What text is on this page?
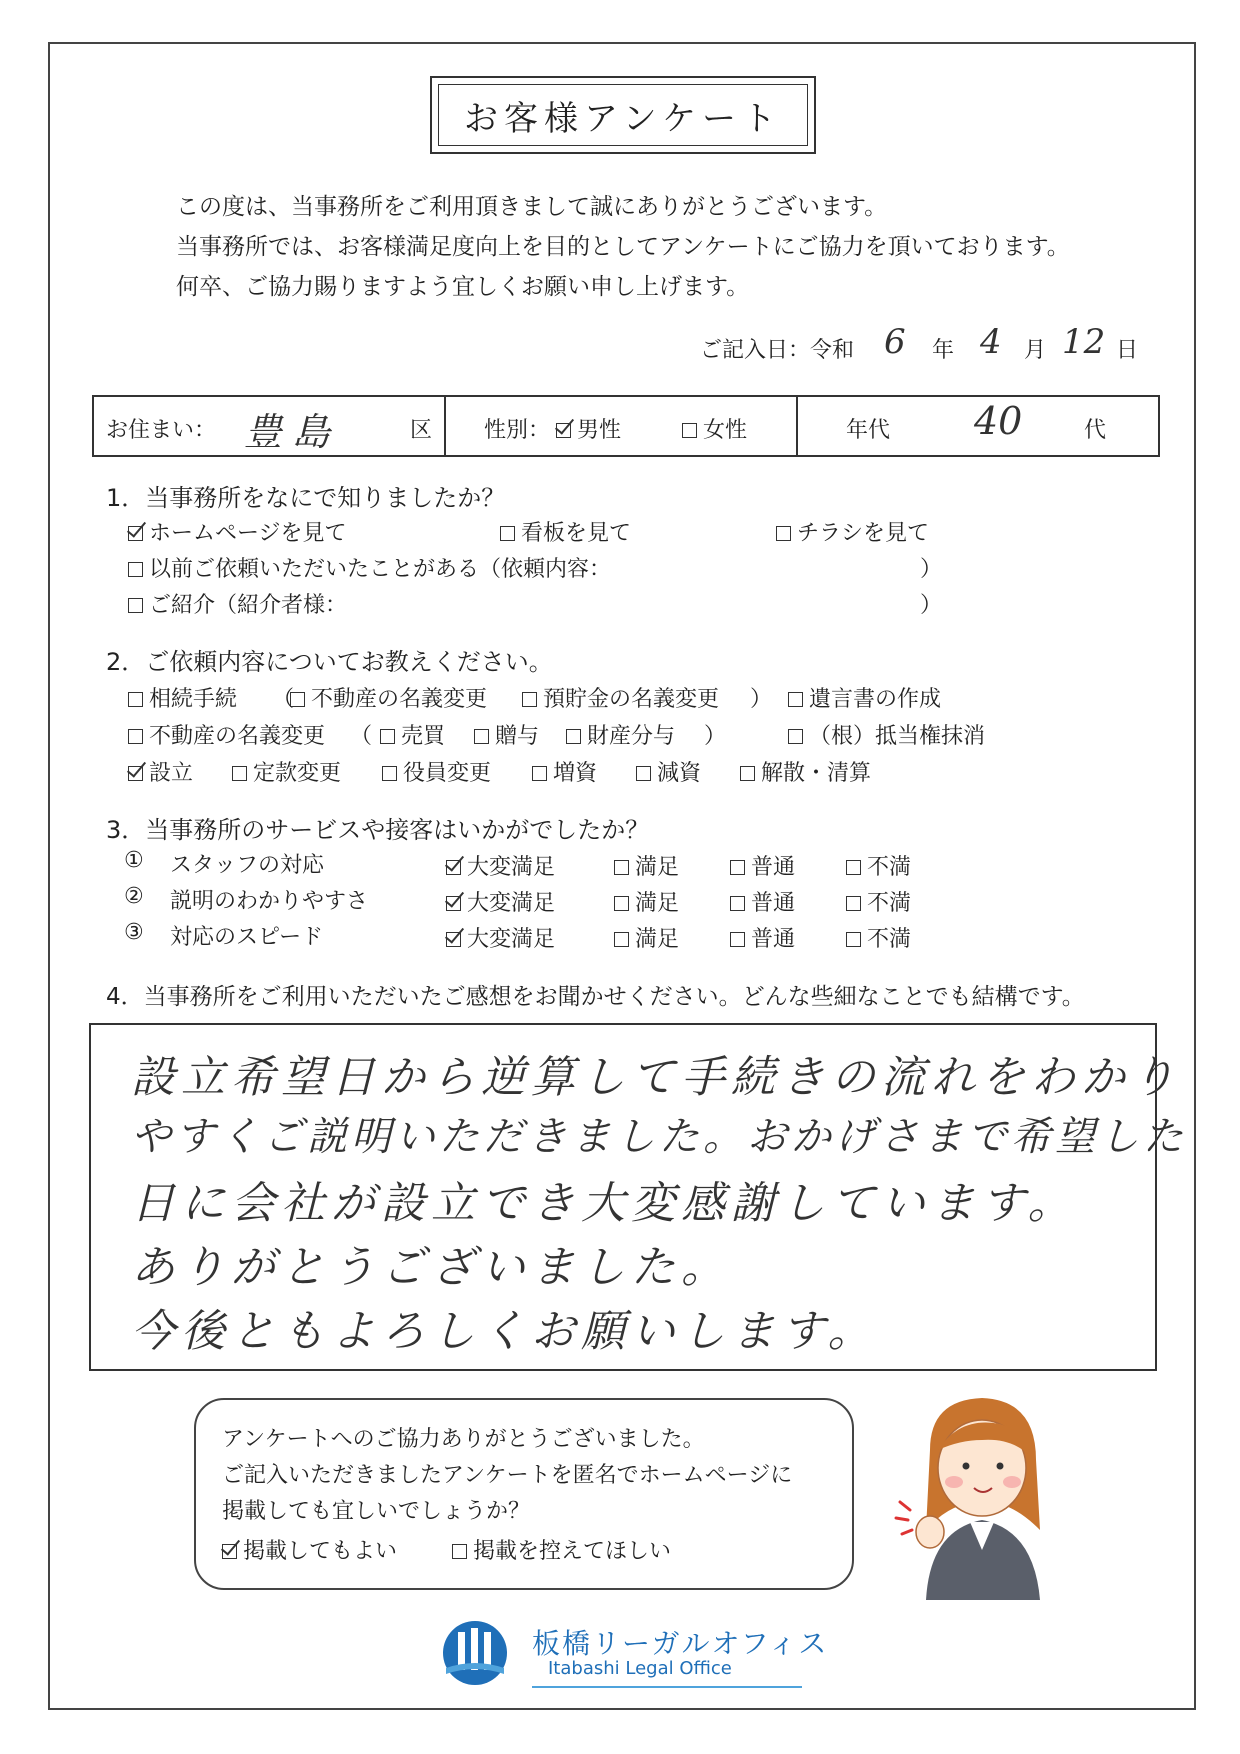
お客様アンケート
この度は、当事務所をご利用頂きまして誠にありがとうございます。
当事務所では、お客様満足度向上を目的としてアンケートにご協力を頂いております。
何卒、ご協力賜りますよう宜しくお願い申し上げます。
ご記入日：令和 6 年 4 月 12 日
お住まい： 豊島	区 性別：	男性	女性	年代 40	代
1．当事務所をなにで知りましたか？
ホームページを見て	看板を見て	チラシを見て
以前ご依頼いただいたことがある（依頼内容：	）
ご紹介（紹介者様：	）
2．ご依頼内容についてお教えください。
相続手続 （ 不動産の名義変更	預貯金の名義変更 ）	遺言書の作成
不動産の名義変更 （	売買	贈与	財産分与 ）	（根）抵当権抹消
設立	定款変更	役員変更	増資	減資	解散・清算
3．当事務所のサービスや接客はいかがでしたか？
① スタッフの対応	大変満足	満足	普通	不満
② 説明のわかりやすさ	大変満足	満足	普通	不満
③ 対応のスピード	大変満足	満足	普通	不満
4．当事務所をご利用いただいたご感想をお聞かせください。どんな些細なことでも結構です。
設立希望日から逆算して手続きの流れをわかり
やすくご説明いただきました。おかげさまで希望した
日に会社が設立でき大変感謝しています。
ありがとうございました。
今後ともよろしくお願いします。
アンケートへのご協力ありがとうございました。
ご記入いただきましたアンケートを匿名でホームページに
掲載しても宜しいでしょうか？
掲載してもよい	掲載を控えてほしい
板橋リーガルオフィス
Itabashi Legal Office
